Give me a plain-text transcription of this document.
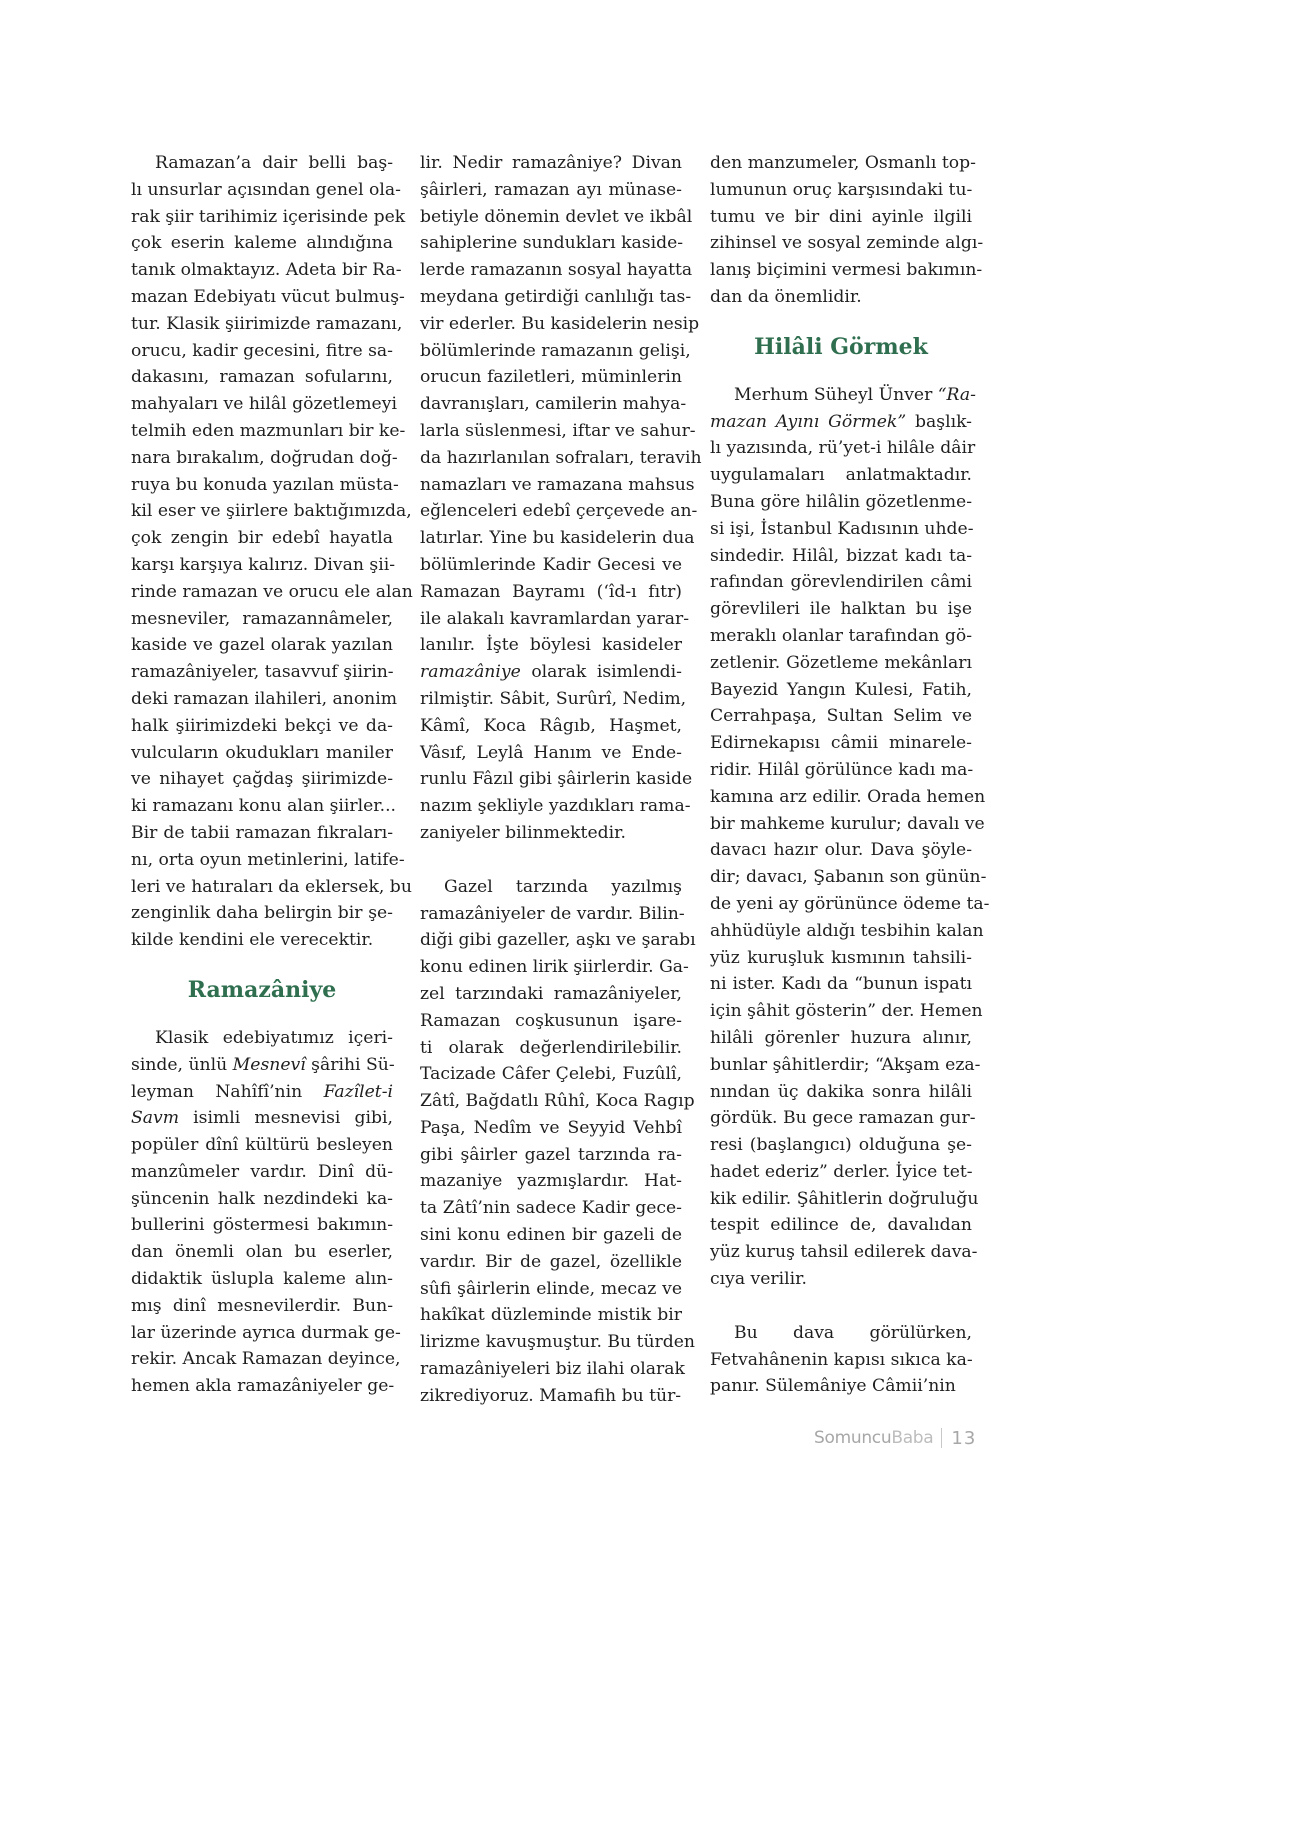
Ramazan’a dair belli baş-
lı unsurlar açısından genel ola-
rak şiir tarihimiz içerisinde pek
çok eserin kaleme alındığına
tanık olmaktayız. Adeta bir Ra-
mazan Edebiyatı vücut bulmuş-
tur. Klasik şiirimizde ramazanı,
orucu, kadir gecesini, fitre sa-
dakasını, ramazan sofularını,
mahyaları ve hilâl gözetlemeyi
telmih eden mazmunları bir ke-
nara bırakalım, doğrudan doğ-
ruya bu konuda yazılan müsta-
kil eser ve şiirlere baktığımızda,
çok zengin bir edebî hayatla
karşı karşıya kalırız. Divan şii-
rinde ramazan ve orucu ele alan
mesneviler, ramazannâmeler,
kaside ve gazel olarak yazılan
ramazâniyeler, tasavvuf şiirin-
deki ramazan ilahileri, anonim
halk şiirimizdeki bekçi ve da-
vulcuların okudukları maniler
ve nihayet çağdaş şiirimizde-
ki ramazanı konu alan şiirler...
Bir de tabii ramazan fıkraları-
nı, orta oyun metinlerini, latife-
leri ve hatıraları da eklersek, bu
zenginlik daha belirgin bir şe-
kilde kendini ele verecektir.

Ramazâniye

Klasik edebiyatımız içeri-
sinde, ünlü Mesnevî şârihi Sü-
leyman Nahîfî’nin Fazîlet-i
Savm isimli mesnevisi gibi,
popüler dînî kültürü besleyen
manzûmeler vardır. Dinî dü-
şüncenin halk nezdindeki ka-
bullerini göstermesi bakımın-
dan önemli olan bu eserler,
didaktik üslupla kaleme alın-
mış dinî mesnevilerdir. Bun-
lar üzerinde ayrıca durmak ge-
rekir. Ancak Ramazan deyince,
hemen akla ramazâniyeler ge-

lir. Nedir ramazâniye? Divan
şâirleri, ramazan ayı münase-
betiyle dönemin devlet ve ikbâl
sahiplerine sundukları kaside-
lerde ramazanın sosyal hayatta
meydana getirdiği canlılığı tas-
vir ederler. Bu kasidelerin nesip
bölümlerinde ramazanın gelişi,
orucun faziletleri, müminlerin
davranışları, camilerin mahya-
larla süslenmesi, iftar ve sahur-
da hazırlanılan sofraları, teravih
namazları ve ramazana mahsus
eğlenceleri edebî çerçevede an-
latırlar. Yine bu kasidelerin dua
bölümlerinde Kadir Gecesi ve
Ramazan Bayramı (‘îd-ı fıtr)
ile alakalı kavramlardan yarar-
lanılır. İşte böylesi kasideler
ramazâniye olarak isimlendi-
rilmiştir. Sâbit, Surûrî, Nedim,
Kâmî, Koca Râgıb, Haşmet,
Vâsıf, Leylâ Hanım ve Ende-
runlu Fâzıl gibi şâirlerin kaside
nazım şekliyle yazdıkları rama-
zaniyeler bilinmektedir.

Gazel tarzında yazılmış
ramazâniyeler de vardır. Bilin-
diği gibi gazeller, aşkı ve şarabı
konu edinen lirik şiirlerdir. Ga-
zel tarzındaki ramazâniyeler,
Ramazan coşkusunun işare-
ti olarak değerlendirilebilir.
Tacizade Câfer Çelebi, Fuzûlî,
Zâtî, Bağdatlı Rûhî, Koca Ragıp
Paşa, Nedîm ve Seyyid Vehbî
gibi şâirler gazel tarzında ra-
mazaniye yazmışlardır. Hat-
ta Zâtî’nin sadece Kadir gece-
sini konu edinen bir gazeli de
vardır. Bir de gazel, özellikle
sûfi şâirlerin elinde, mecaz ve
hakîkat düzleminde mistik bir
lirizme kavuşmuştur. Bu türden
ramazâniyeleri biz ilahi olarak
zikrediyoruz. Mamafih bu tür-

den manzumeler, Osmanlı top-
lumunun oruç karşısındaki tu-
tumu ve bir dini ayinle ilgili
zihinsel ve sosyal zeminde algı-
lanış biçimini vermesi bakımın-
dan da önemlidir.

Hilâli Görmek

Merhum Süheyl Ünver “Ra-
mazan Ayını Görmek” başlık-
lı yazısında, rü’yet-i hilâle dâir
uygulamaları anlatmaktadır.
Buna göre hilâlin gözetlenme-
si işi, İstanbul Kadısının uhde-
sindedir. Hilâl, bizzat kadı ta-
rafından görevlendirilen câmi
görevlileri ile halktan bu işe
meraklı olanlar tarafından gö-
zetlenir. Gözetleme mekânları
Bayezid Yangın Kulesi, Fatih,
Cerrahpaşa, Sultan Selim ve
Edirnekapısı câmii minarele-
ridir. Hilâl görülünce kadı ma-
kamına arz edilir. Orada hemen
bir mahkeme kurulur; davalı ve
davacı hazır olur. Dava şöyle-
dir; davacı, Şabanın son günün-
de yeni ay görününce ödeme ta-
ahhüdüyle aldığı tesbihin kalan
yüz kuruşluk kısmının tahsili-
ni ister. Kadı da “bunun ispatı
için şâhit gösterin” der. Hemen
hilâli görenler huzura alınır,
bunlar şâhitlerdir; “Akşam eza-
nından üç dakika sonra hilâli
gördük. Bu gece ramazan gur-
resi (başlangıcı) olduğuna şe-
hadet ederiz” derler. İyice tet-
kik edilir. Şâhitlerin doğruluğu
tespit edilince de, davalıdan
yüz kuruş tahsil edilerek dava-
cıya verilir.

Bu dava görülürken,
Fetvahânenin kapısı sıkıca ka-
panır. Sülemâniye Câmii’nin

Somuncu Baba 13
